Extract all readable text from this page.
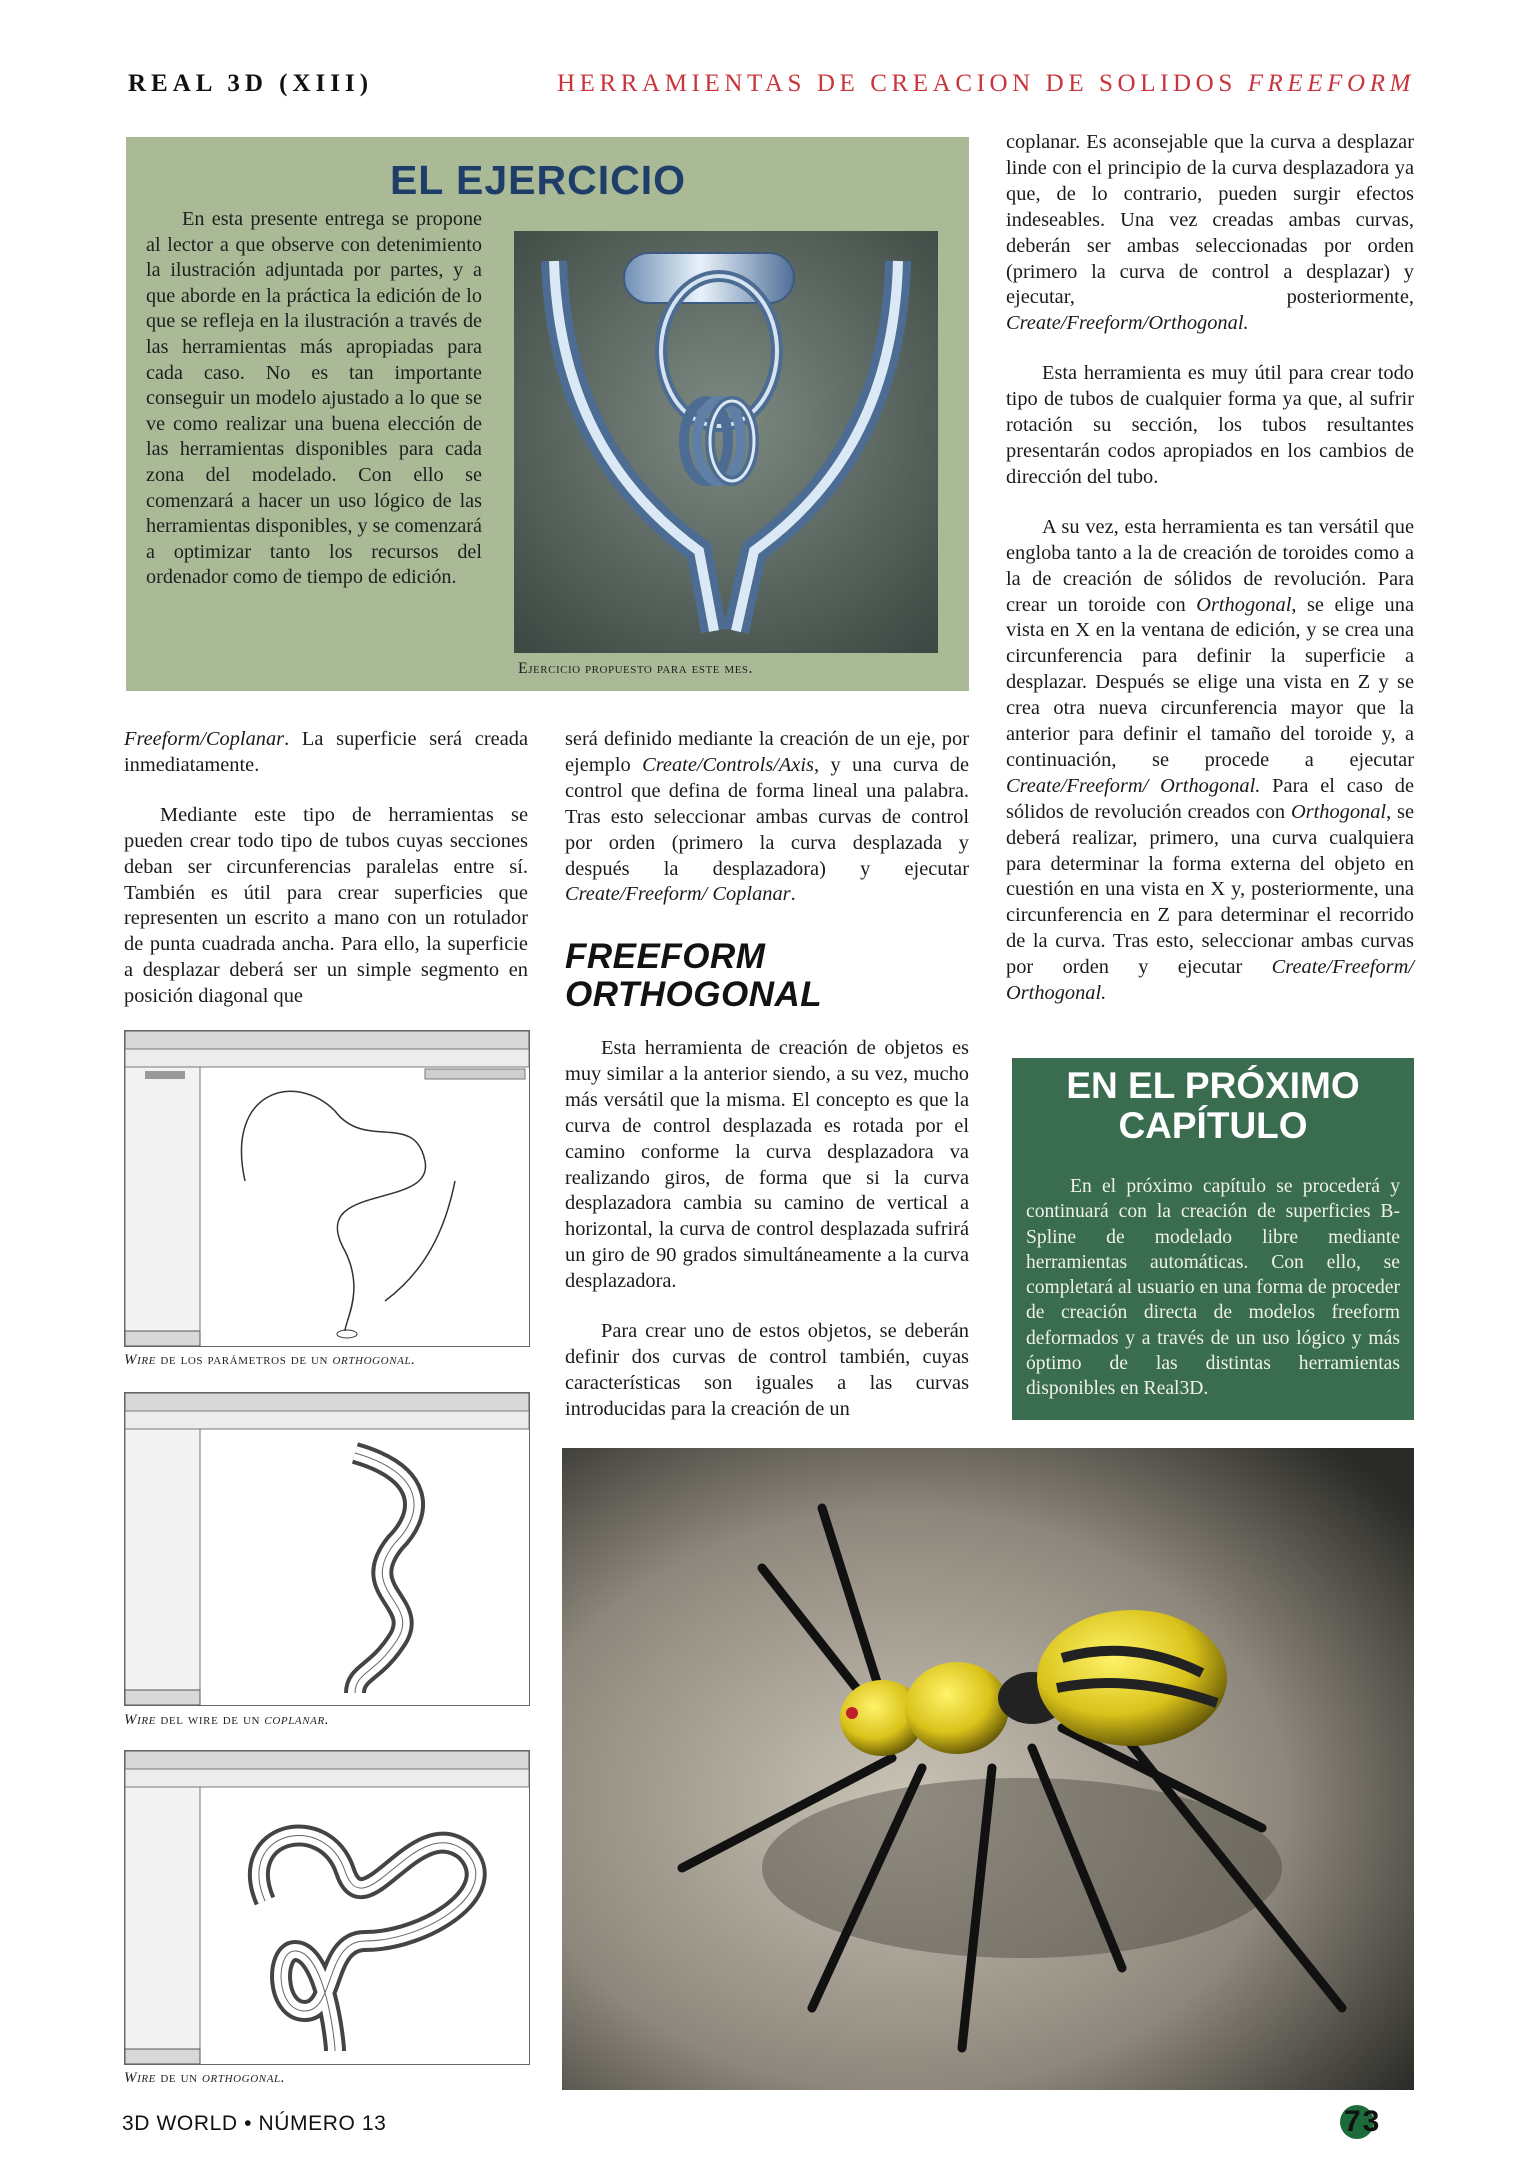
REAL 3D (XIII)	HERRAMIENTAS DE CREACION DE SOLIDOS FREEFORM
EL EJERCICIO
En esta presente entrega se propone al lector a que observe con detenimiento la ilustración adjuntada por partes, y a que aborde en la práctica la edición de lo que se refleja en la ilustración a través de las herramientas más apropiadas para cada caso. No es tan importante conseguir un modelo ajustado a lo que se ve como realizar una buena elección de las herramientas disponibles para cada zona del modelado. Con ello se comenzará a hacer un uso lógico de las herramientas disponibles, y se comenzará a optimizar tanto los recursos del ordenador como de tiempo de edición.
Ejercicio propuesto para este mes.

Freeform/Coplanar. La superficie será creada inmediatamente.

Mediante este tipo de herramientas se pueden crear todo tipo de tubos cuyas secciones deban ser circunferencias paralelas entre sí. También es útil para crear superficies que representen un escrito a mano con un rotulador de punta cuadrada ancha. Para ello, la superficie a desplazar deberá ser un simple segmento en posición diagonal que

será definido mediante la creación de un eje, por ejemplo Create/Controls/Axis, y una curva de control que defina de forma lineal una palabra. Tras esto seleccionar ambas curvas de control por orden (primero la curva desplazada y después la desplazadora) y ejecutar Create/Freeform/ Coplanar.

FREEFORM
ORTHOGONAL

Esta herramienta de creación de objetos es muy similar a la anterior siendo, a su vez, mucho más versátil que la misma. El concepto es que la curva de control desplazada es rotada por el camino conforme la curva desplazadora va realizando giros, de forma que si la curva desplazadora cambia su camino de vertical a horizontal, la curva de control desplazada sufrirá un giro de 90 grados simultáneamente a la curva desplazadora.

Para crear uno de estos objetos, se deberán definir dos curvas de control también, cuyas características son iguales a las curvas introducidas para la creación de un

coplanar. Es aconsejable que la curva a desplazar linde con el principio de la curva desplazadora ya que, de lo contrario, pueden surgir efectos indeseables. Una vez creadas ambas curvas, deberán ser ambas seleccionadas por orden (primero la curva de control a desplazar) y ejecutar, posteriormente, Create/Freeform/Orthogonal.

Esta herramienta es muy útil para crear todo tipo de tubos de cualquier forma ya que, al sufrir rotación su sección, los tubos resultantes presentarán codos apropiados en los cambios de dirección del tubo.

A su vez, esta herramienta es tan versátil que engloba tanto a la de creación de toroides como a la de creación de sólidos de revolución. Para crear un toroide con Orthogonal, se elige una vista en X en la ventana de edición, y se crea una circunferencia para definir la superficie a desplazar. Después se elige una vista en Z y se crea otra nueva circunferencia mayor que la anterior para definir el tamaño del toroide y, a continuación, se procede a ejecutar Create/Freeform/ Orthogonal. Para el caso de sólidos de revolución creados con Orthogonal, se deberá realizar, primero, una curva cualquiera para determinar la forma externa del objeto en cuestión en una vista en X y, posteriormente, una circunferencia en Z para determinar el recorrido de la curva. Tras esto, seleccionar ambas curvas por orden y ejecutar Create/Freeform/ Orthogonal.

Wire de los parámetros de un orthogonal.
Wire del wire de un coplanar.
Wire de un orthogonal.
EN EL PRÓXIMO
CAPÍTULO
En el próximo capítulo se procederá y continuará con la creación de superficies B-Spline de modelado libre mediante herramientas automáticas. Con ello, se completará al usuario en una forma de proceder de creación directa de modelos freeform deformados y a través de un uso lógico y más óptimo de las distintas herramientas disponibles en Real3D.
3D WORLD • NÚMERO 13	73
